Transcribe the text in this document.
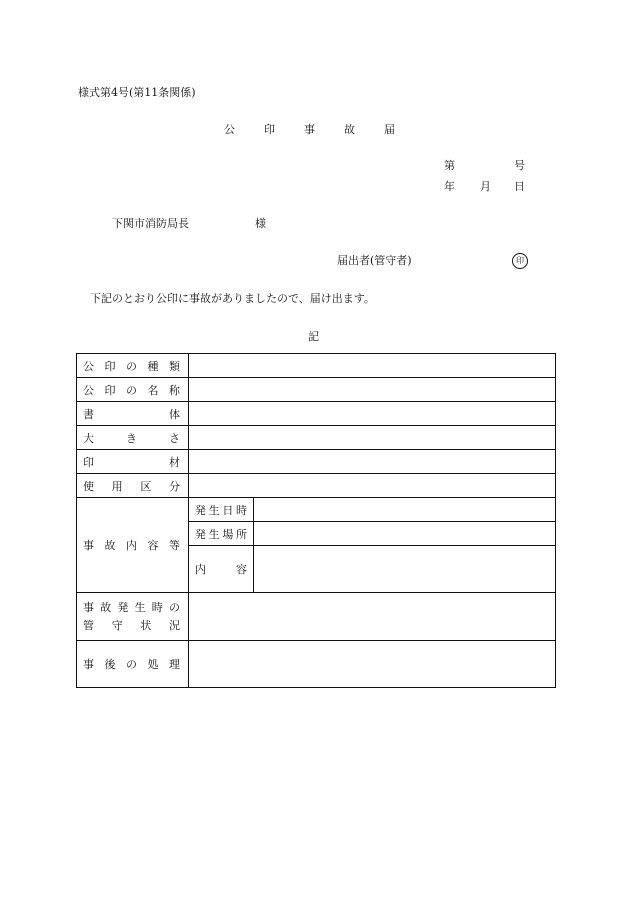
様式第4号(第11条関係)
公	印	事	故	届
第	号
年 月 日
下関市消防局長	様
届出者(管守者)	印
下記のとおり公印に事故がありましたので、届け出ます。
記
公印の種類		
公印の名称		
書体		
大きさ		
印材		
使用区分		
事故内容等	発生日時	
	発生場所	
	内容	

事故発生時の
管守状況		

事後の処理		
